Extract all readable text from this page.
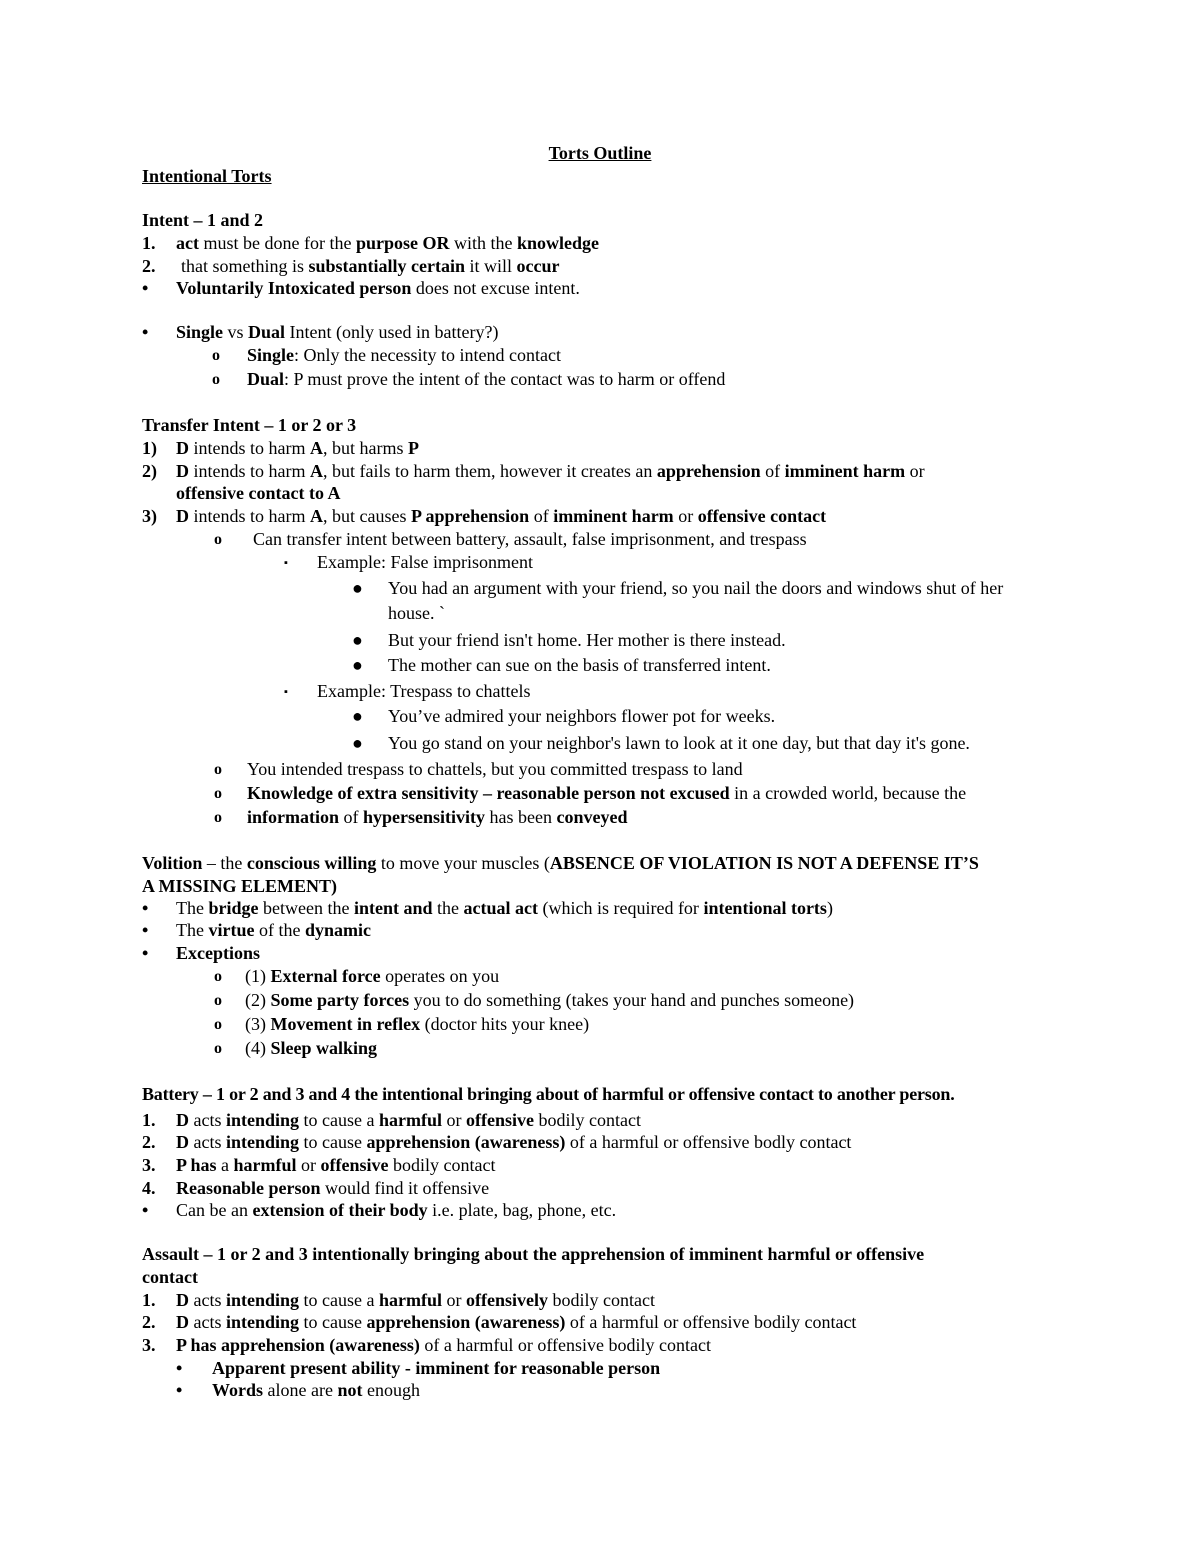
Torts Outline
Intentional Torts
Intent – 1 and 2
1. act must be done for the purpose OR with the knowledge
2. that something is substantially certain it will occur
• Voluntarily Intoxicated person does not excuse intent.
• Single vs Dual Intent (only used in battery?)
o Single: Only the necessity to intend contact
o Dual: P must prove the intent of the contact was to harm or offend
Transfer Intent – 1 or 2 or 3
1) D intends to harm A, but harms P
2) D intends to harm A, but fails to harm them, however it creates an apprehension of imminent harm or
offensive contact to A
3) D intends to harm A, but causes P apprehension of imminent harm or offensive contact
o Can transfer intent between battery, assault, false imprisonment, and trespass
▪ Example: False imprisonment
● You had an argument with your friend, so you nail the doors and windows shut of her
house. `
● But your friend isn't home. Her mother is there instead.
● The mother can sue on the basis of transferred intent.
▪ Example: Trespass to chattels
● You’ve admired your neighbors flower pot for weeks.
● You go stand on your neighbor's lawn to look at it one day, but that day it's gone.
o You intended trespass to chattels, but you committed trespass to land
o Knowledge of extra sensitivity – reasonable person not excused in a crowded world, because the
o information of hypersensitivity has been conveyed
Volition – the conscious willing to move your muscles (ABSENCE OF VIOLATION IS NOT A DEFENSE IT’S
A MISSING ELEMENT)
• The bridge between the intent and the actual act (which is required for intentional torts)
• The virtue of the dynamic
• Exceptions
o (1) External force operates on you
o (2) Some party forces you to do something (takes your hand and punches someone)
o (3) Movement in reflex (doctor hits your knee)
o (4) Sleep walking
Battery – 1 or 2 and 3 and 4 the intentional bringing about of harmful or offensive contact to another person.
1. D acts intending to cause a harmful or offensive bodily contact
2. D acts intending to cause apprehension (awareness) of a harmful or offensive bodly contact
3. P has a harmful or offensive bodily contact
4. Reasonable person would find it offensive
• Can be an extension of their body i.e. plate, bag, phone, etc.
Assault – 1 or 2 and 3 intentionally bringing about the apprehension of imminent harmful or offensive
contact
1. D acts intending to cause a harmful or offensively bodily contact
2. D acts intending to cause apprehension (awareness) of a harmful or offensive bodily contact
3. P has apprehension (awareness) of a harmful or offensive bodily contact
• Apparent present ability - imminent for reasonable person
• Words alone are not enough
